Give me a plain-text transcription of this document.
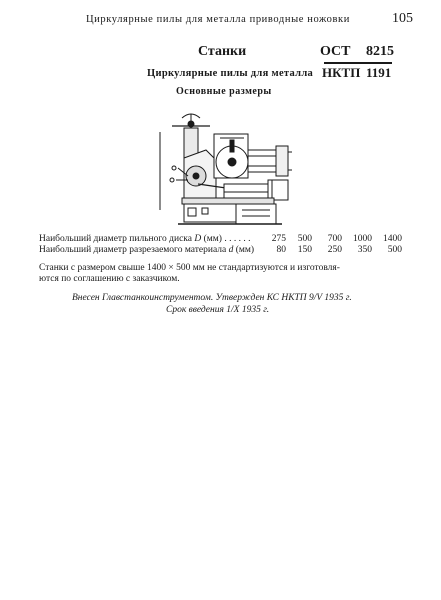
Циркулярные пилы для металла приводные ножовки	105
Станки
Циркулярные пилы для металла
Основные размеры
ОСТ 8215
НКТП 1191
Наибольший диаметр пильного диска D (мм) . . . . . .	275	500	700	1000	1400
Наибольший диаметр разрезаемого материала d (мм)	80	150	250	350	500
Станки с размером свыше 1400 × 500 мм не стандартизуются и изготовля-
ются по соглашению с заказчиком.
Внесен Главстанкоинструментом. Утвержден КС НКТП 9/V 1935 г.
Срок введения 1/X 1935 г.
